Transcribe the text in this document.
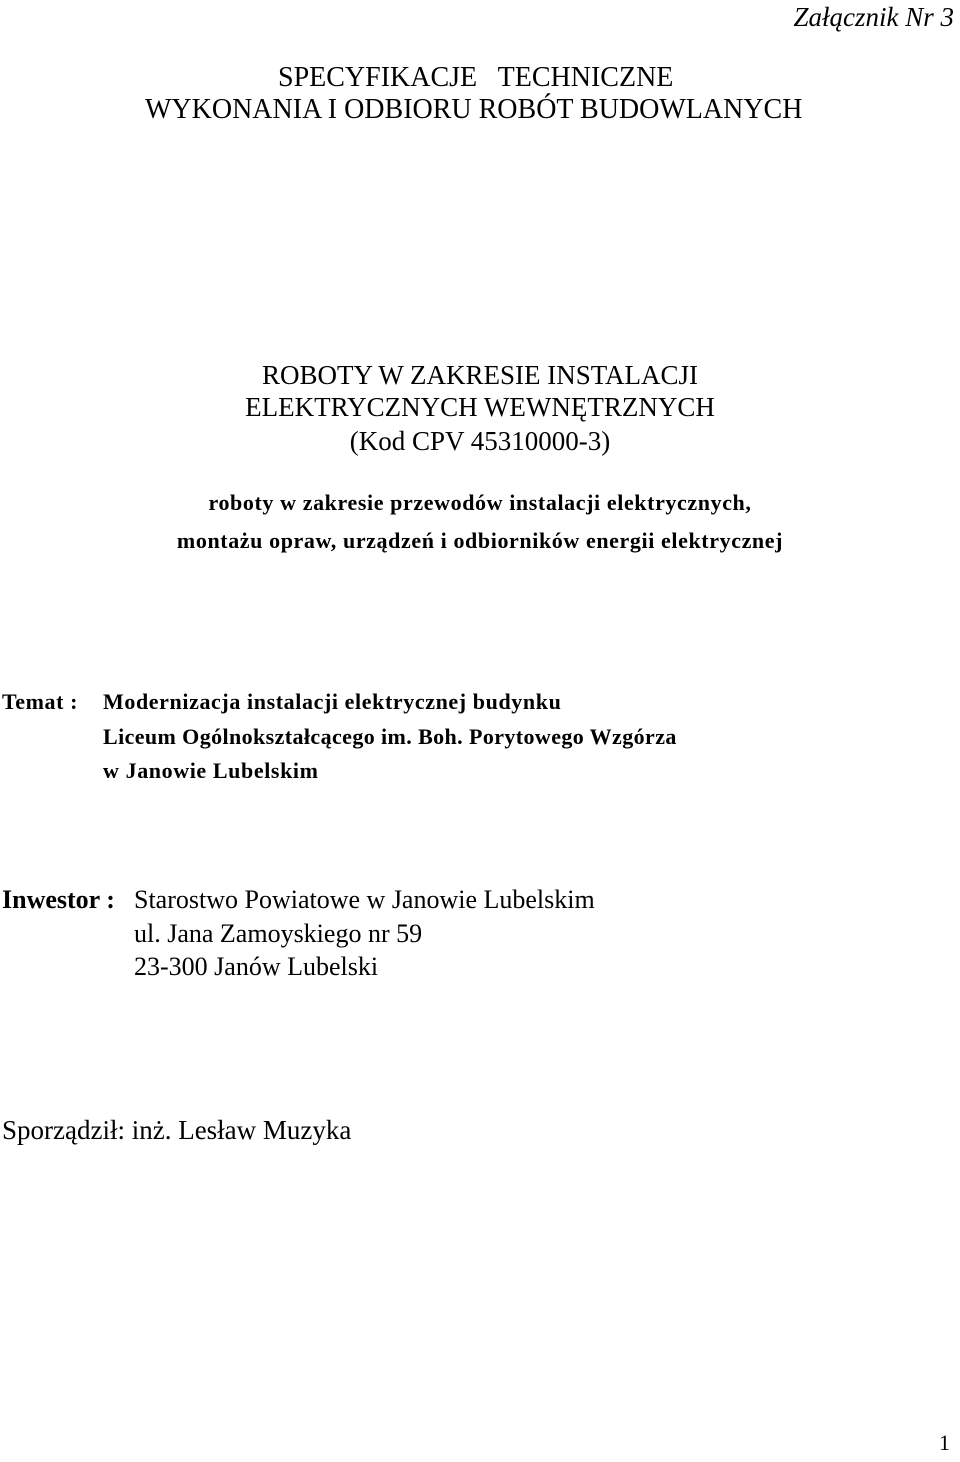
Załącznik Nr 3

SPECYFIKACJE   TECHNICZNE

WYKONANIA I ODBIORU ROBÓT BUDOWLANYCH

ROBOTY W ZAKRESIE INSTALACJI

ELEKTRYCZNYCH WEWNĘTRZNYCH

(Kod CPV 45310000-3)

roboty w zakresie przewodów instalacji elektrycznych,

montażu opraw, urządzeń i odbiorników energii elektrycznej

Temat : Modernizacja instalacji elektrycznej budynku

Liceum Ogólnokształcącego im. Boh. Porytowego Wzgórza

w Janowie Lubelskim

Inwestor : Starostwo Powiatowe w Janowie Lubelskim

ul. Jana Zamoyskiego nr 59

23-300 Janów Lubelski

Sporządził: inż. Lesław Muzyka

1
